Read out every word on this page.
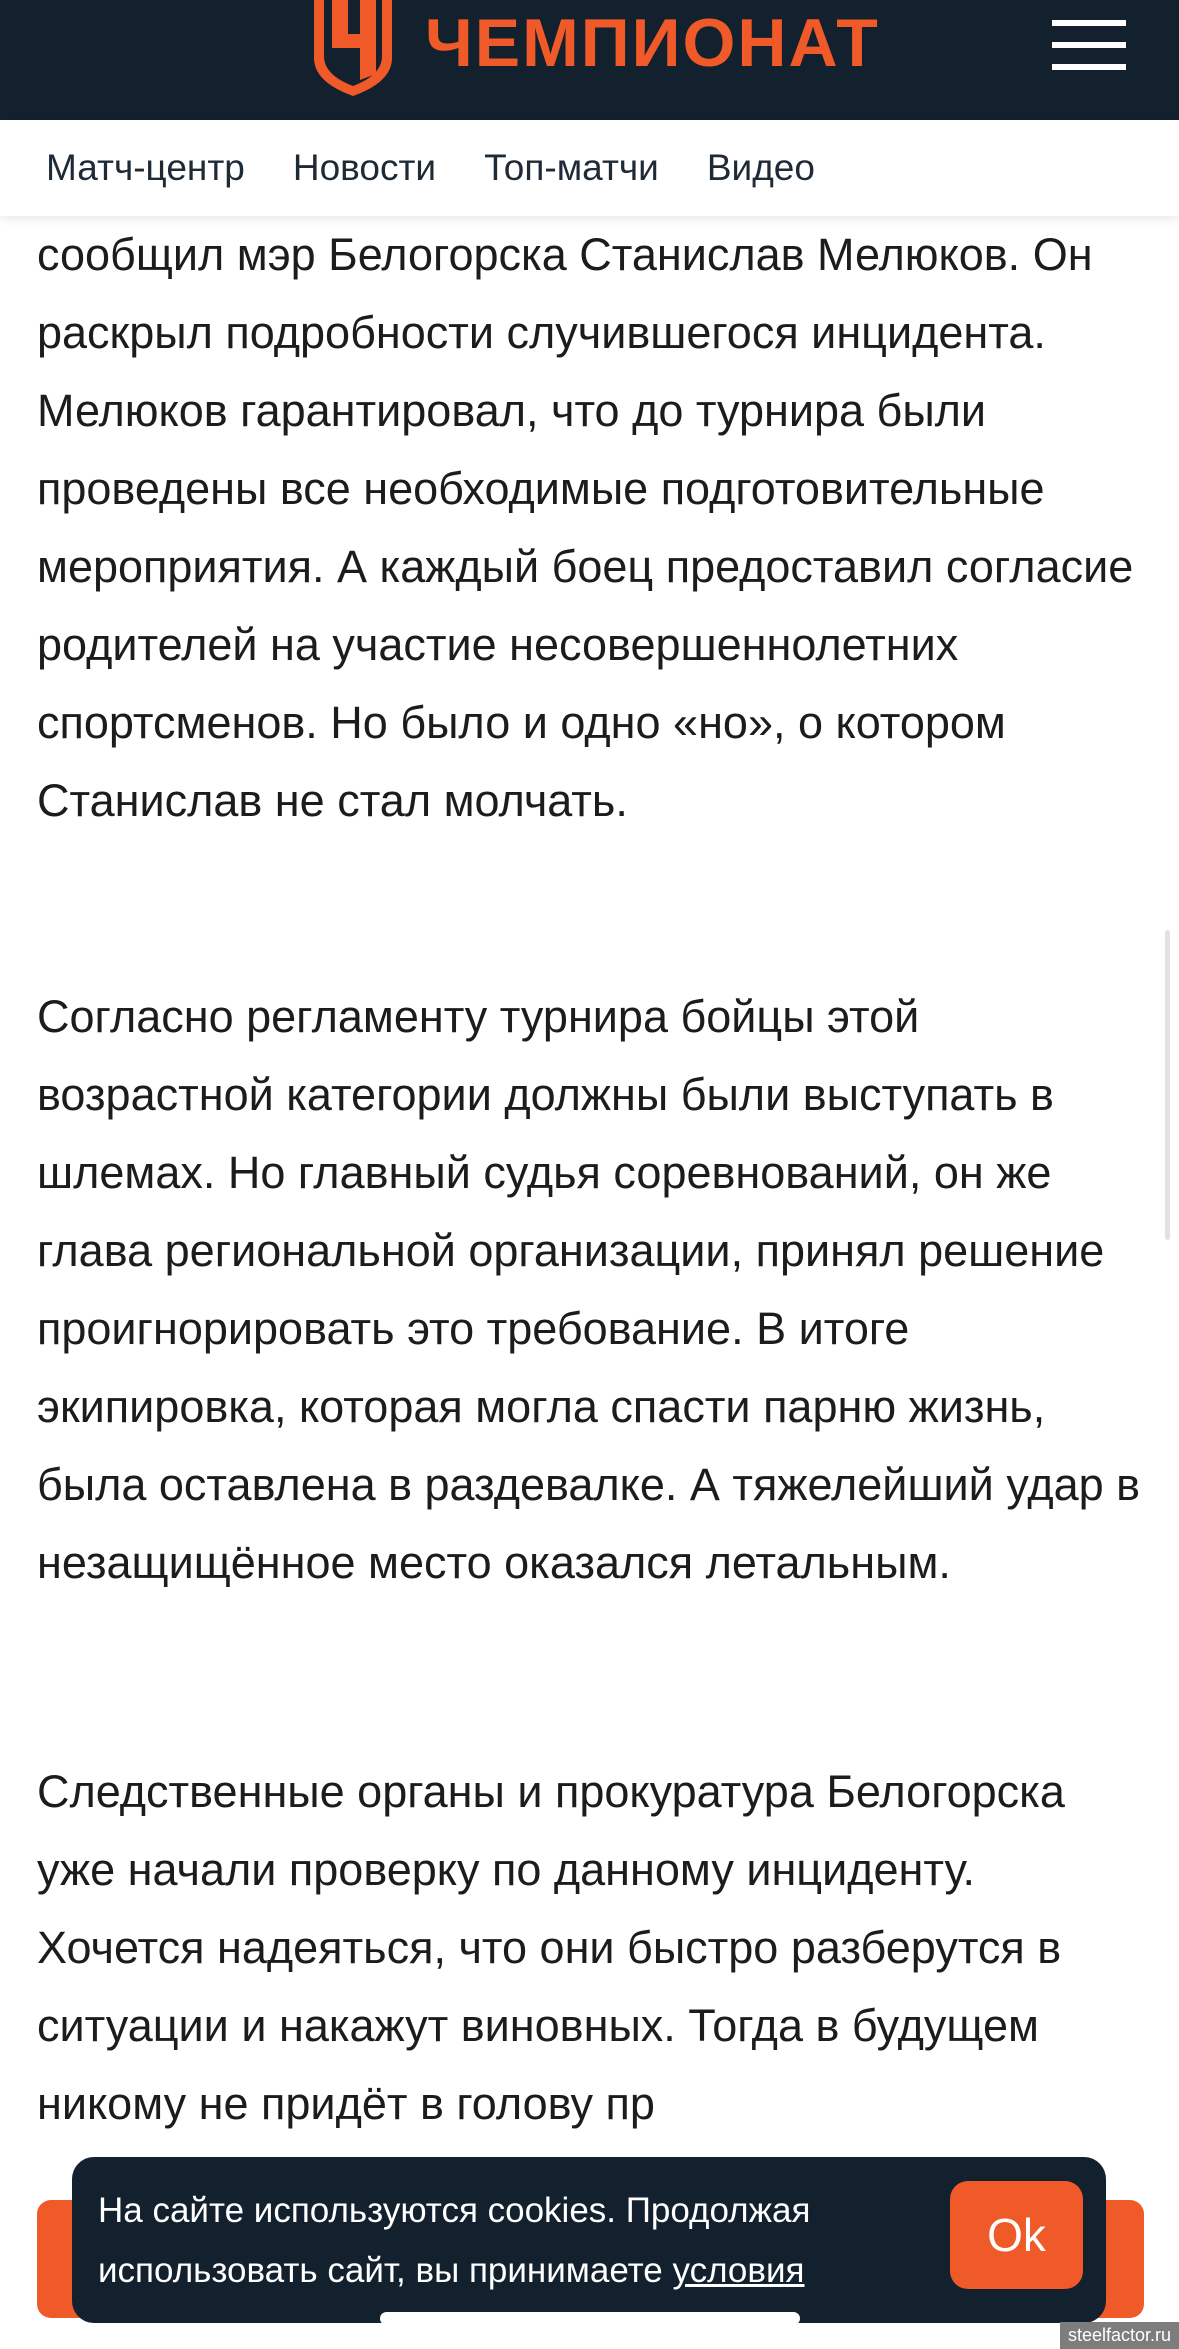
ЧЕМПИОНАТ
Матч-центр Новости Топ-матчи Видео

сообщил мэр Белогорска Станислав Мелюков. Он раскрыл подробности случившегося инцидента. Мелюков гарантировал, что до турнира были проведены все необходимые подготовительные мероприятия. А каждый боец предоставил согласие родителей на участие несовершеннолетних спортсменов. Но было и одно «но», о котором Станислав не стал молчать.

Согласно регламенту турнира бойцы этой возрастной категории должны были выступать в шлемах. Но главный судья соревнований, он же глава региональной организации, принял решение проигнорировать это требование. В итоге экипировка, которая могла спасти парню жизнь, была оставлена в раздевалке. А тяжелейший удар в незащищённое место оказался летальным.

Следственные органы и прокуратура Белогорска уже начали проверку по данному инциденту. Хочется надеяться, что они быстро разберутся в ситуации и накажут виновных. Тогда в будущем никому не придёт в голову пр

На сайте используются cookies. Продолжая использовать сайт, вы принимаете условия
Ok
steelfactor.ru
